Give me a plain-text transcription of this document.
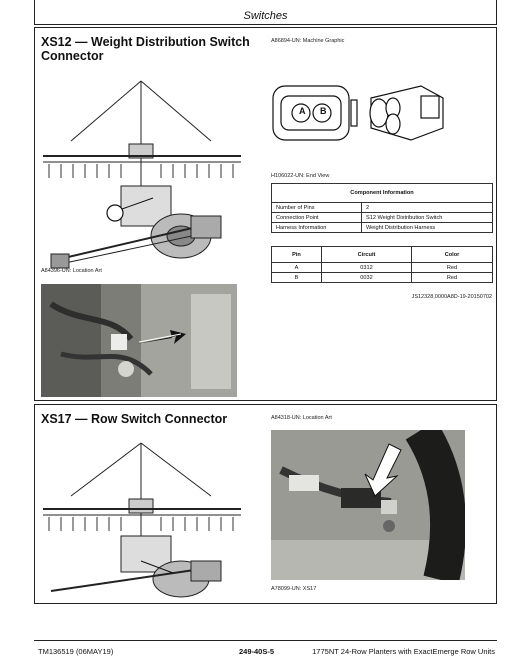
Switches
XS12 — Weight Distribution Switch Connector
A84396-UN: Location Art
A86894-UN: Machine Graphic
A B
H106022-UN: End View
Component Information	
Number of Pins	2
Connection Point	S12 Weight Distribution Switch
Harness Information	Weight Distribution Harness
Pin	Circuit	Color
A	0312	Red
B	0032	Red
JS12328,0000A8D-19-20150702
XS17 — Row Switch Connector	A84318-UN: Location Art
A78099-UN: XS17
TM136519 (06MAY19)	249-40S-5	1775NT 24-Row Planters with ExactEmerge Row Units
